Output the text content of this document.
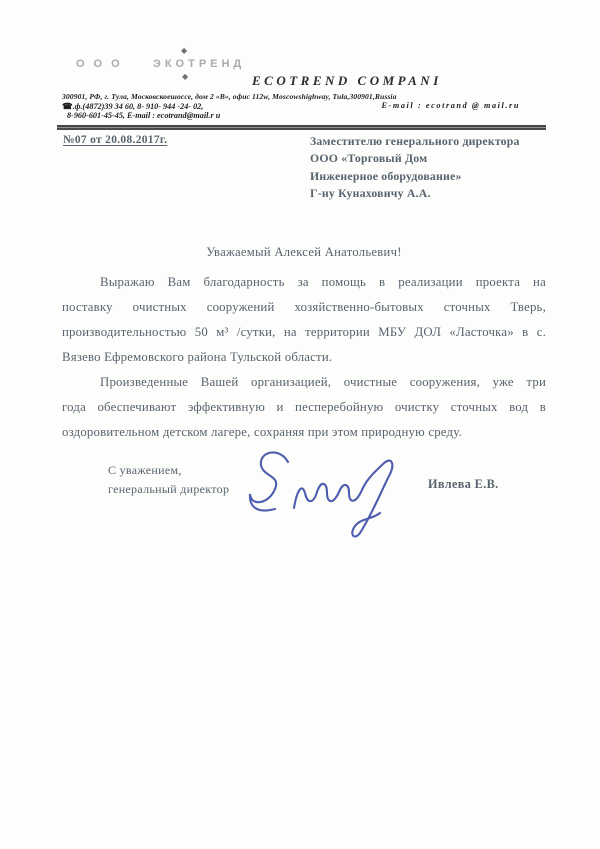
ООО ЭКОТРЕНД
◆
◆	ECOTREND COMPANI
300901, РФ, г. Тула, Московскоешоссе, дом 2 «В», офис 112w, Moscowshighway, Tula,300901,Russia
☎.ф.(4872)39 34 60, 8- 910- 944 -24- 02,	E-mail : ecotrand @ mail.ru
8-960-601-45-45, E-mail : ecotrand@mail.r u
№07 от 20.08.2017г.	Заместителю генерального директора
ООО «Торговый Дом
Инженерное оборудование»
Г-ну Кунаховичу А.А.
Уважаемый Алексей Анатольевич!
Выражаю Вам благодарность за помощь в реализации проекта на
поставку очистных сооружений хозяйственно-бытовых сточных Тверь,
производительностью 50 м³ /сутки, на территории МБУ ДОЛ «Ласточка» в с.
Вязево Ефремовского района Тульской области.
Произведенные Вашей организацией, очистные сооружения, уже три
года обеспечивают эффективную и песперебойную очистку сточных вод в
оздоровительном детском лагере, сохраняя при этом природную среду.
С уважением,
генеральный директор	Ивлева Е.В.
